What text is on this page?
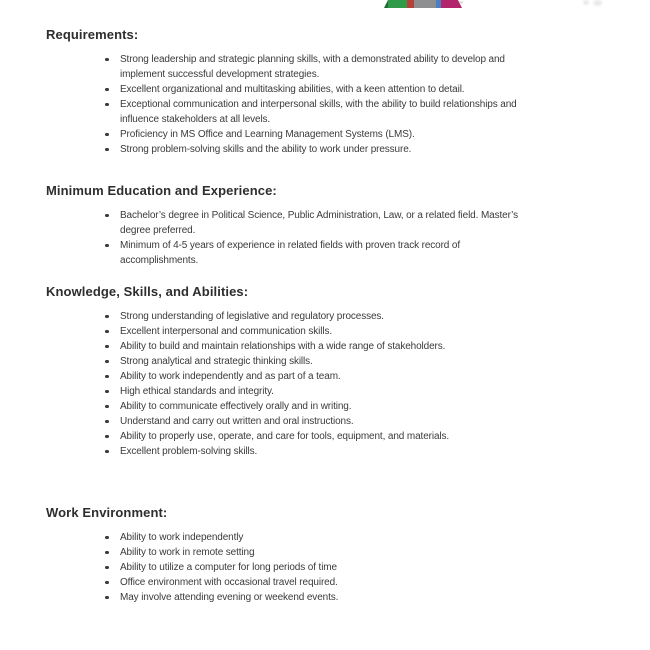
™
Requirements:
Strong leadership and strategic planning skills, with a demonstrated ability to develop and implement successful development strategies.
Excellent organizational and multitasking abilities, with a keen attention to detail.
Exceptional communication and interpersonal skills, with the ability to build relationships and influence stakeholders at all levels.
Proficiency in MS Office and Learning Management Systems (LMS).
Strong problem-solving skills and the ability to work under pressure.
Minimum Education and Experience:
Bachelor’s degree in Political Science, Public Administration, Law, or a related field. Master’s degree preferred.
Minimum of 4-5 years of experience in related fields with proven track record of accomplishments.
Knowledge, Skills, and Abilities:
Strong understanding of legislative and regulatory processes.
Excellent interpersonal and communication skills.
Ability to build and maintain relationships with a wide range of stakeholders.
Strong analytical and strategic thinking skills.
Ability to work independently and as part of a team.
High ethical standards and integrity.
Ability to communicate effectively orally and in writing.
Understand and carry out written and oral instructions.
Ability to properly use, operate, and care for tools, equipment, and materials.
Excellent problem-solving skills.
Work Environment:
Ability to work independently
Ability to work in remote setting
Ability to utilize a computer for long periods of time
Office environment with occasional travel required.
May involve attending evening or weekend events.
